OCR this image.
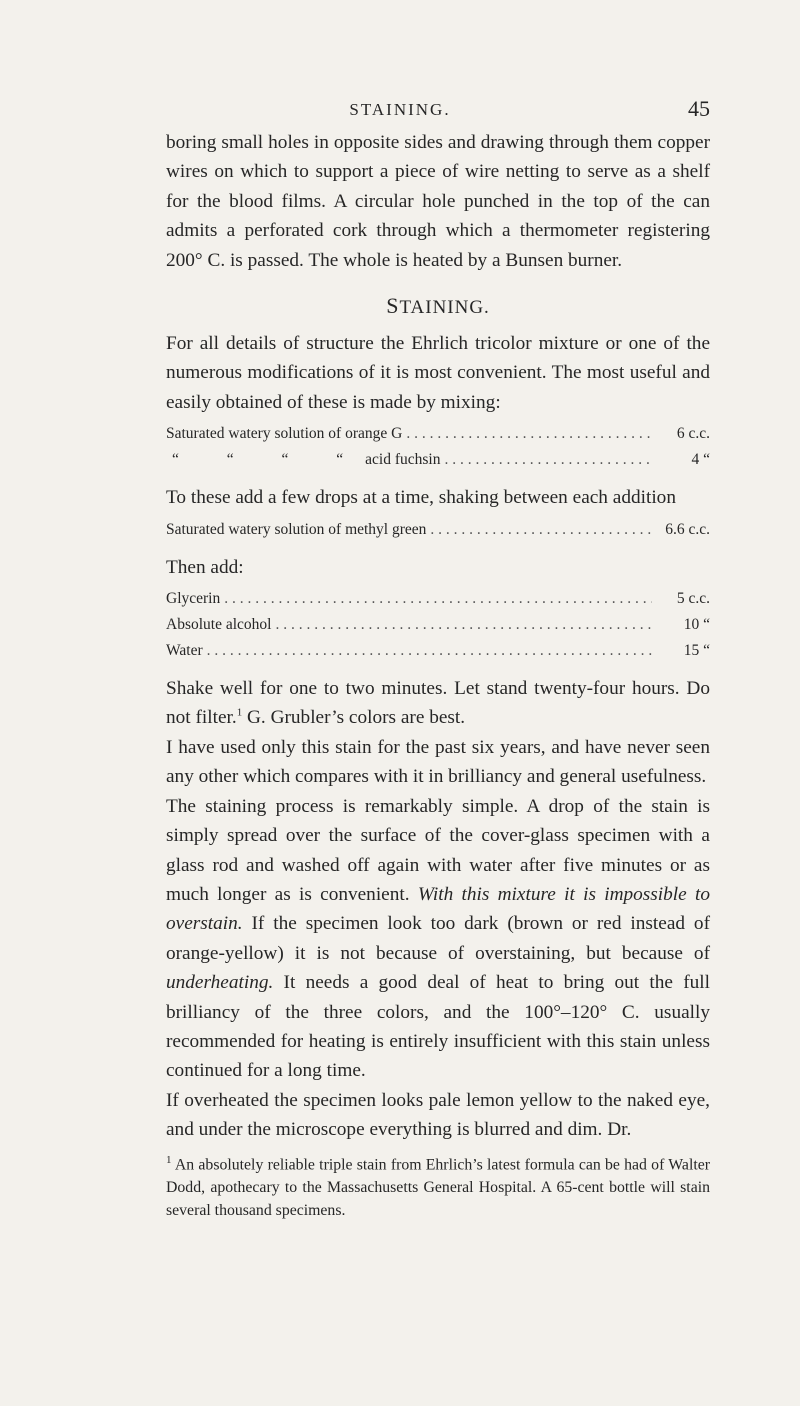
STAINING.	45

boring small holes in opposite sides and drawing through them copper wires on which to support a piece of wire netting to serve as a shelf for the blood films. A circular hole punched in the top of the can admits a perforated cork through which a thermometer registering 200° C. is passed. The whole is heated by a Bunsen burner.

STAINING.

For all details of structure the Ehrlich tricolor mixture or one of the numerous modifications of it is most convenient. The most useful and easily obtained of these is made by mixing:

Saturated watery solution of orange G . . .	6 c.c.
“ “ “ “ acid fuchsin . . .	4 “

To these add a few drops at a time, shaking between each addition

Saturated watery solution of methyl green . . .	6.6 c.c.

Then add:

Glycerin . . .	5 c.c.
Absolute alcohol . . .	10 “
Water . . .	15 “

Shake well for one to two minutes. Let stand twenty-four hours. Do not filter.$^1$ G. Grubler’s colors are best.

I have used only this stain for the past six years, and have never seen any other which compares with it in brilliancy and general usefulness.

The staining process is remarkably simple. A drop of the stain is simply spread over the surface of the cover-glass specimen with a glass rod and washed off again with water after five minutes or as much longer as is convenient. With this mixture it is impossible to overstain. If the specimen look too dark (brown or red instead of orange-yellow) it is not because of overstaining, but because of underheating. It needs a good deal of heat to bring out the full brilliancy of the three colors, and the 100°–120° C. usually recommended for heating is entirely insufficient with this stain unless continued for a long time.

If overheated the specimen looks pale lemon yellow to the naked eye, and under the microscope everything is blurred and dim. Dr.

$^1$ An absolutely reliable triple stain from Ehrlich’s latest formula can be had of Walter Dodd, apothecary to the Massachusetts General Hospital. A 65-cent bottle will stain several thousand specimens.
